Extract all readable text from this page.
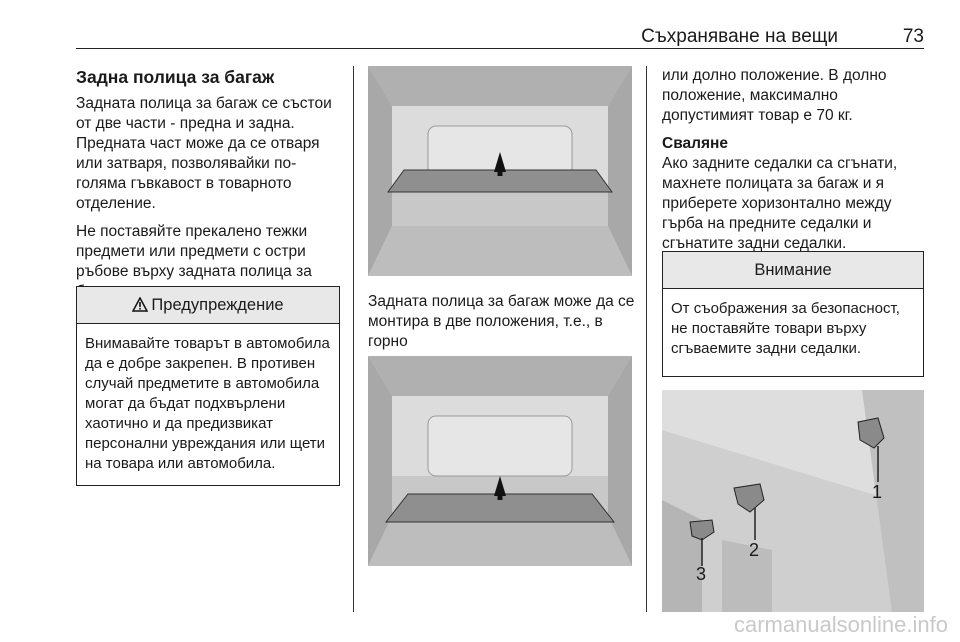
Съхраняване на вещи	73
Задна полица за багаж

Задната полица за багаж се състои от две части - предна и задна. Предната част може да се отваря или затваря, позволявайки по-голяма гъвкавост в товарното отделение.

Не поставяйте прекалено тежки предмети или предмети с остри ръбове върху задната полица за

Предупреждение
Внимавайте товарът в автомобила да е добре закрепен. В противен случай предметите в автомобила могат да бъдат подхвърлени хаотично и да предизвикат персонални увреждания или щети на товара или автомобила.

Задната полица за багаж може да се монтира в две положения, т.е., в горно

или долно положение. В долно положение, максимално допустимият товар е 70 кг.

Сваляне

Ако задните седалки са сгънати, махнете полицата за багаж и я приберете хоризонтално между гърба на предните седалки и сгънатите задни седалки.

Внимание
От съображения за безопасност, не поставяйте товари върху сгъваемите задни седалки.
1
2
3
carmanualsonline.info
